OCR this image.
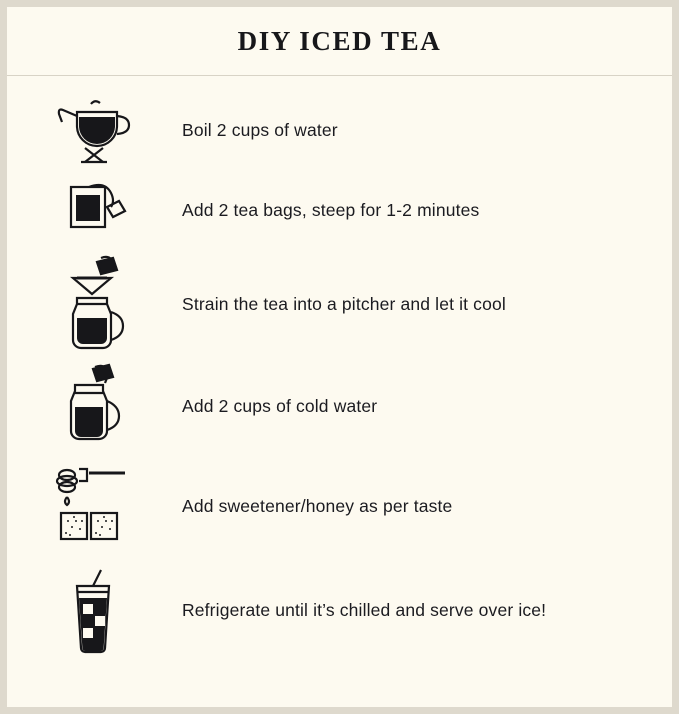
DIY ICED TEA
Boil 2 cups of water
Add 2 tea bags, steep for 1-2 minutes
Strain the tea into a pitcher and let it cool
Add 2 cups of cold water
Add sweetener/honey as per taste
Refrigerate until it’s chilled and serve over ice!
